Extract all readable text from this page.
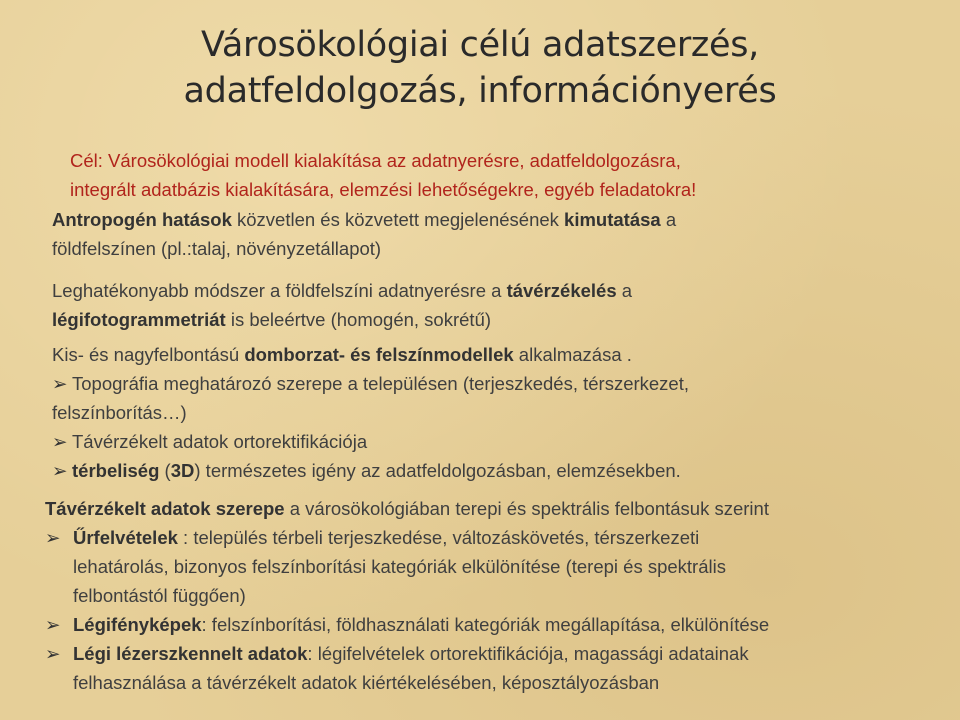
Városökológiai célú adatszerzés,
adatfeldolgozás, információnyerés
Cél: Városökológiai modell kialakítása az adatnyerésre, adatfeldolgozásra,
integrált adatbázis kialakítására, elemzési lehetőségekre, egyéb feladatokra!
Antropogén hatások közvetlen és közvetett megjelenésének kimutatása a
földfelszínen (pl.:talaj, növényzetállapot)
Leghatékonyabb módszer a földfelszíni adatnyerésre a távérzékelés a
légifotogrammetriát is beleértve (homogén, sokrétű)
Kis- és nagyfelbontású domborzat- és felszínmodellek alkalmazása .
➢ Topográfia meghatározó szerepe a településen (terjeszkedés, térszerkezet,
felszínborítás…)
➢ Távérzékelt adatok ortorektifikációja
➢ térbeliség (3D) természetes igény az adatfeldolgozásban, elemzésekben.
Távérzékelt adatok szerepe a városökológiában terepi és spektrális felbontásuk szerint
➢ Űrfelvételek : település térbeli terjeszkedése, változáskövetés, térszerkezeti
lehatárolás, bizonyos felszínborítási kategóriák elkülönítése (terepi és spektrális
felbontástól függően)
➢ Légifényképek: felszínborítási, földhasználati kategóriák megállapítása, elkülönítése
➢ Légi lézerszkennelt adatok: légifelvételek ortorektifikációja, magassági adatainak
felhasználása a távérzékelt adatok kiértékelésében, képosztályozásban
